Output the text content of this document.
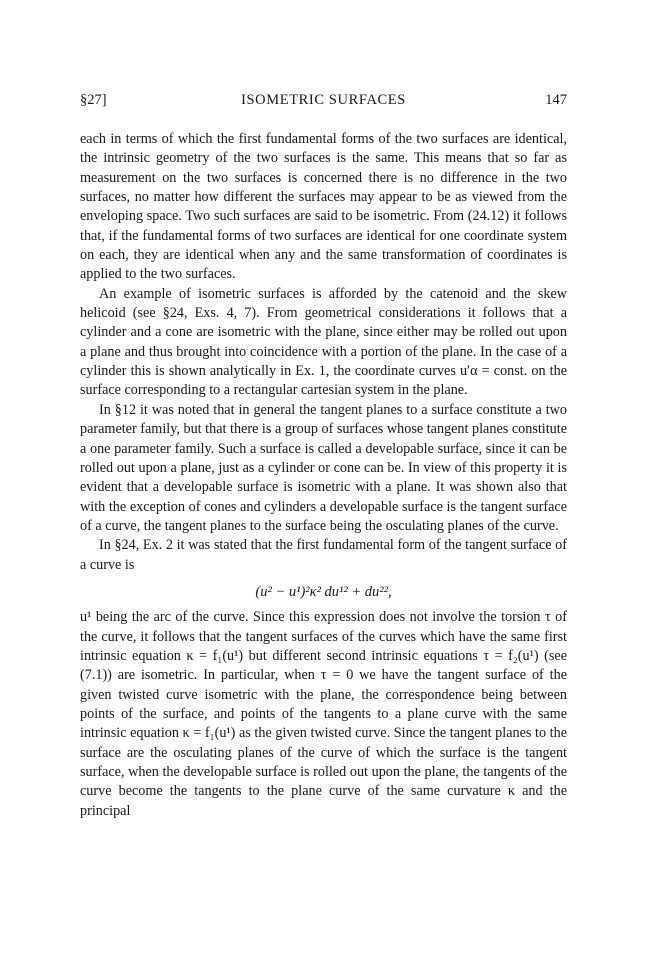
§27]	ISOMETRIC SURFACES	147

each in terms of which the first fundamental forms of the two surfaces are identical, the intrinsic geometry of the two surfaces is the same. This means that so far as measurement on the two surfaces is concerned there is no difference in the two surfaces, no matter how different the surfaces may appear to be as viewed from the enveloping space. Two such surfaces are said to be isometric. From (24.12) it follows that, if the fundamental forms of two surfaces are identical for one coordinate system on each, they are identical when any and the same transformation of coordinates is applied to the two surfaces.

An example of isometric surfaces is afforded by the catenoid and the skew helicoid (see §24, Exs. 4, 7). From geometrical considerations it follows that a cylinder and a cone are isometric with the plane, since either may be rolled out upon a plane and thus brought into coincidence with a portion of the plane. In the case of a cylinder this is shown analytically in Ex. 1, the coordinate curves u′α = const. on the surface corresponding to a rectangular cartesian system in the plane.

In §12 it was noted that in general the tangent planes to a surface constitute a two parameter family, but that there is a group of surfaces whose tangent planes constitute a one parameter family. Such a surface is called a developable surface, since it can be rolled out upon a plane, just as a cylinder or cone can be. In view of this property it is evident that a developable surface is isometric with a plane. It was shown also that with the exception of cones and cylinders a developable surface is the tangent surface of a curve, the tangent planes to the surface being the osculating planes of the curve.

In §24, Ex. 2 it was stated that the first fundamental form of the tangent surface of a curve is

(u² − u¹)²κ² du¹² + du²²,

u¹ being the arc of the curve. Since this expression does not involve the torsion τ of the curve, it follows that the tangent surfaces of the curves which have the same first intrinsic equation κ = f₁(u¹) but different second intrinsic equations τ = f₂(u¹) (see (7.1)) are isometric. In particular, when τ = 0 we have the tangent surface of the given twisted curve isometric with the plane, the correspondence being between points of the surface, and points of the tangents to a plane curve with the same intrinsic equation κ = f₁(u¹) as the given twisted curve. Since the tangent planes to the surface are the osculating planes of the curve of which the surface is the tangent surface, when the developable surface is rolled out upon the plane, the tangents of the curve become the tangents to the plane curve of the same curvature κ and the principal
